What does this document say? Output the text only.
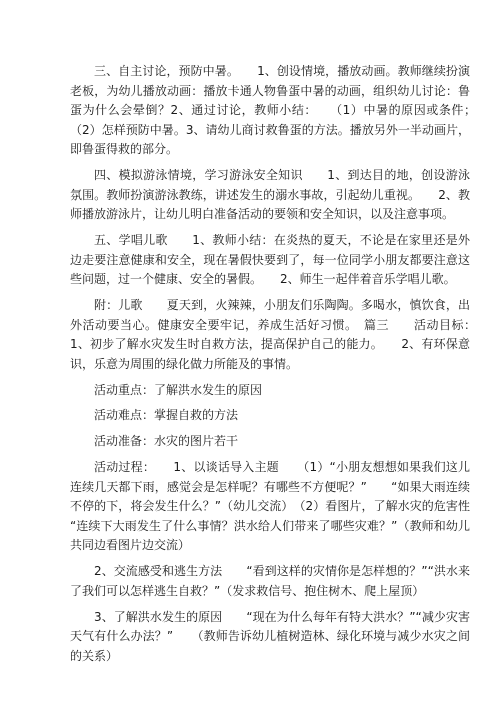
三、自主讨论，预防中暑。　　1、创设情境，播放动画。教师继续扮演老板，为幼儿播放动画：播放卡通人物鲁蛋中暑的动画，组织幼儿讨论：鲁蛋为什么会晕倒？2、通过讨论，教师小结：　　（1）中暑的原因或条件；　　（2）怎样预防中暑。3、请幼儿商讨救鲁蛋的方法。播放另外一半动画片，即鲁蛋得救的部分。

四、模拟游泳情境，学习游泳安全知识　　1、到达目的地，创设游泳氛围。教师扮演游泳教练，讲述发生的溺水事故，引起幼儿重视。　　2、教师播放游泳片，让幼儿明白准备活动的要领和安全知识，以及注意事项。

五、学唱儿歌　　1、教师小结：在炎热的夏天，不论是在家里还是外边走要注意健康和安全，现在暑假快要到了，每一位同学小朋友都要注意这些问题，过一个健康、安全的暑假。　　2、师生一起伴着音乐学唱儿歌。

附：儿歌　　夏天到，火辣辣，小朋友们乐陶陶。多喝水，慎饮食，出外活动要当心。健康安全要牢记，养成生活好习惯。　篇三　　活动目标：　1、初步了解水灾发生时自救方法，提高保护自己的能力。　　2、有环保意识，乐意为周围的绿化做力所能及的事情。

活动重点：了解洪水发生的原因

活动难点：掌握自救的方法

活动准备：水灾的图片若干

活动过程：　　1、以谈话导入主题　　（1）“小朋友想想如果我们这儿连续几天都下雨，感觉会是怎样呢？有哪些不方便呢？”　　“如果大雨连续不停的下，将会发生什么？”（幼儿交流）　（2）看图片，了解水灾的危害性　　“连续下大雨发生了什么事情？洪水给人们带来了哪些灾难？”（教师和幼儿共同边看图片边交流）

2、交流感受和逃生方法　　“看到这样的灾情你是怎样想的？”“洪水来了我们可以怎样逃生自救？”（发求救信号、抱住树木、爬上屋顶）

3、了解洪水发生的原因　　“现在为什么每年有特大洪水？”“减少灾害天气有什么办法？”　　（教师告诉幼儿植树造林、绿化环境与减少水灾之间的关系）
